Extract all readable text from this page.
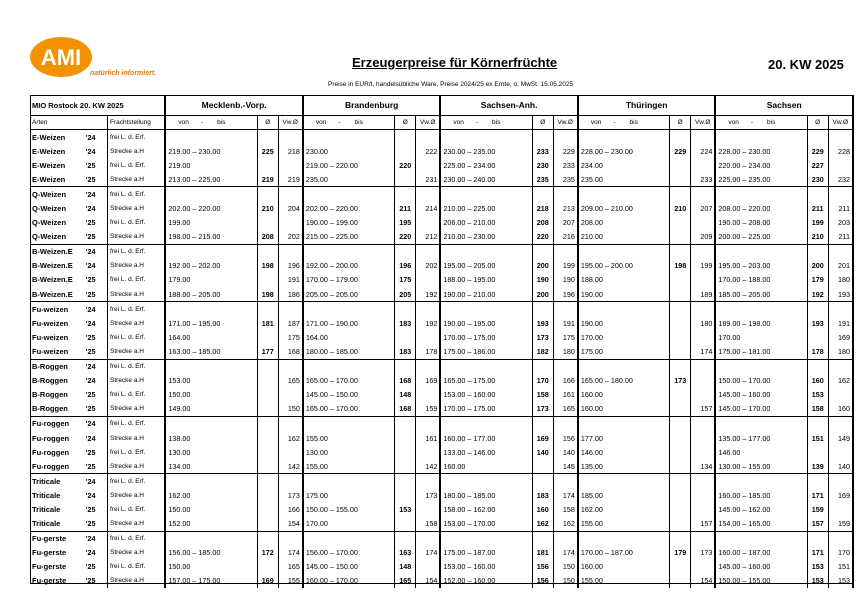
AMI
natürlich informiert.
Erzeugerpreise für Körnerfrüchte	20. KW 2025
Preise in EUR/t, handelsübliche Ware, Preise 2024/25 ex Ernte, o. MwSt. 15.05.2025
MIO Rostock 20. KW 2025			Mecklenb.-Vorp.			Brandenburg			Sachsen-Anh.			Thüringen			Sachsen		
Arten		Frachtstellung	von - bis	Ø	Vw.Ø	von - bis	Ø	Vw.Ø	von - bis	Ø	Vw.Ø	von - bis	Ø	Vw.Ø	von - bis	Ø	Vw.Ø
E-Weizen	'24	frei L. d. Erf.															
E-Weizen	'24	Strecke a.H	219.00 – 230.00	225	218	230.00		222	230.00 – 235.00	233	229	228.00 – 230.00	229	224	228.00 – 230.00	229	228
E-Weizen	'25	frei L. d. Erf.	219.00			219.00 – 220.00	220		225.00 – 234.00	230	233	234.00			220.00 – 234.00	227	
E-Weizen	'25	Strecke a.H	213.00 – 225.00	219	219	235.00		231	230.00 – 240.00	235	235	235.00		233	225.00 – 235.00	230	232
Q-Weizen	'24	frei L. d. Erf.															
Q-Weizen	'24	Strecke a.H	202.00 – 220.00	210	204	202.00 – 220.00	211	214	210.00 – 225.00	218	213	209.00 – 210.00	210	207	208.00 – 220.00	211	211
Q-Weizen	'25	frei L. d. Erf.	199.00			190.00 – 199.00	195		206.00 – 210.00	208	207	208.00			190.00 – 208.00	199	203
Q-Weizen	'25	Strecke a.H	198.00 – 215.00	208	202	215.00 – 225.00	220	212	210.00 – 230.00	220	216	210.00		209	200.00 – 225.00	210	211
B-Weizen.E	'24	frei L. d. Erf.															
B-Weizen.E	'24	Strecke a.H	192.00 – 202.00	198	196	192.00 – 200.00	196	202	195.00 – 205.00	200	199	195.00 – 200.00	198	199	195.00 – 203.00	200	201
B-Weizen.E	'25	frei L. d. Erf.	179.00		191	170.00 – 179.00	175		188.00 – 195.00	190	190	188.00			170.00 – 188.00	179	180
B-Weizen.E	'25	Strecke a.H	188.00 – 205.00	198	186	205.00 – 205.00	205	192	190.00 – 210.00	200	196	190.00		189	185.00 – 205.00	192	193
Fu-weizen	'24	frei L. d. Erf.															
Fu-weizen	'24	Strecke a.H	171.00 – 195.00	181	187	171.00 – 190.00	183	192	190.00 – 195.00	193	191	190.00		180	189.00 – 198.00	193	191
Fu-weizen	'25	frei L. d. Erf.	164.00		175	164.00			170.00 – 175.00	173	175	170.00			170.00		169
Fu-weizen	'25	Strecke a.H	163.00 – 185.00	177	168	180.00 – 185.00	183	178	175.00 – 186.00	182	180	175.00		174	175.00 – 181.00	178	180
B-Roggen	'24	frei L. d. Erf.															
B-Roggen	'24	Strecke a.H	153.00		165	165.00 – 170.00	168	169	165.00 – 175.00	170	166	165.00 – 180.00	173		150.00 – 170.00	160	162
B-Roggen	'25	frei L. d. Erf.	150.00			145.00 – 150.00	148		153.00 – 160.00	158	161	160.00			145.00 – 160.00	153	
B-Roggen	'25	Strecke a.H	149.00		150	165.00 – 170.00	168	159	170.00 – 175.00	173	165	160.00		157	145.00 – 170.00	158	160
Fu-roggen	'24	frei L. d. Erf.															
Fu-roggen	'24	Strecke a.H	138.00		162	155.00		161	160.00 – 177.00	169	156	177.00			135.00 – 177.00	151	149
Fu-roggen	'25	frei L. d. Erf.	130.00			130.00			133.00 – 146.00	140	140	146.00			146.00		
Fu-roggen	'25	Strecke a.H	134.00		142	155.00		142	160.00		145	135.00		134	130.00 – 155.00	139	140
Triticale	'24	frei L. d. Erf.															
Triticale	'24	Strecke a.H	162.00		173	175.00		173	180.00 – 185.00	183	174	185.00			160.00 – 185.00	171	169
Triticale	'25	frei L. d. Erf.	150.00		166	150.00 – 155.00	153		158.00 – 162.00	160	158	162.00			145.00 – 162.00	159	
Triticale	'25	Strecke a.H	152.00		154	170.00		158	153.00 – 170.00	162	162	155.00		157	154.00 – 165.00	157	159
Fu-gerste	'24	frei L. d. Erf.															
Fu-gerste	'24	Strecke a.H	156.00 – 185.00	172	174	156.00 – 170.00	163	174	175.00 – 187.00	181	174	170.00 – 187.00	179	173	160.00 – 187.00	171	170
Fu-gerste	'25	frei L. d. Erf.	150.00		165	145.00 – 150.00	148		153.00 – 160.00	156	150	160.00			145.00 – 160.00	153	151
Fu-gerste	'25	Strecke a.H	157.00 – 175.00	169	155	160.00 – 170.00	165	154	152.00 – 160.00	156	150	155.00		154	150.00 – 155.00	153	153
